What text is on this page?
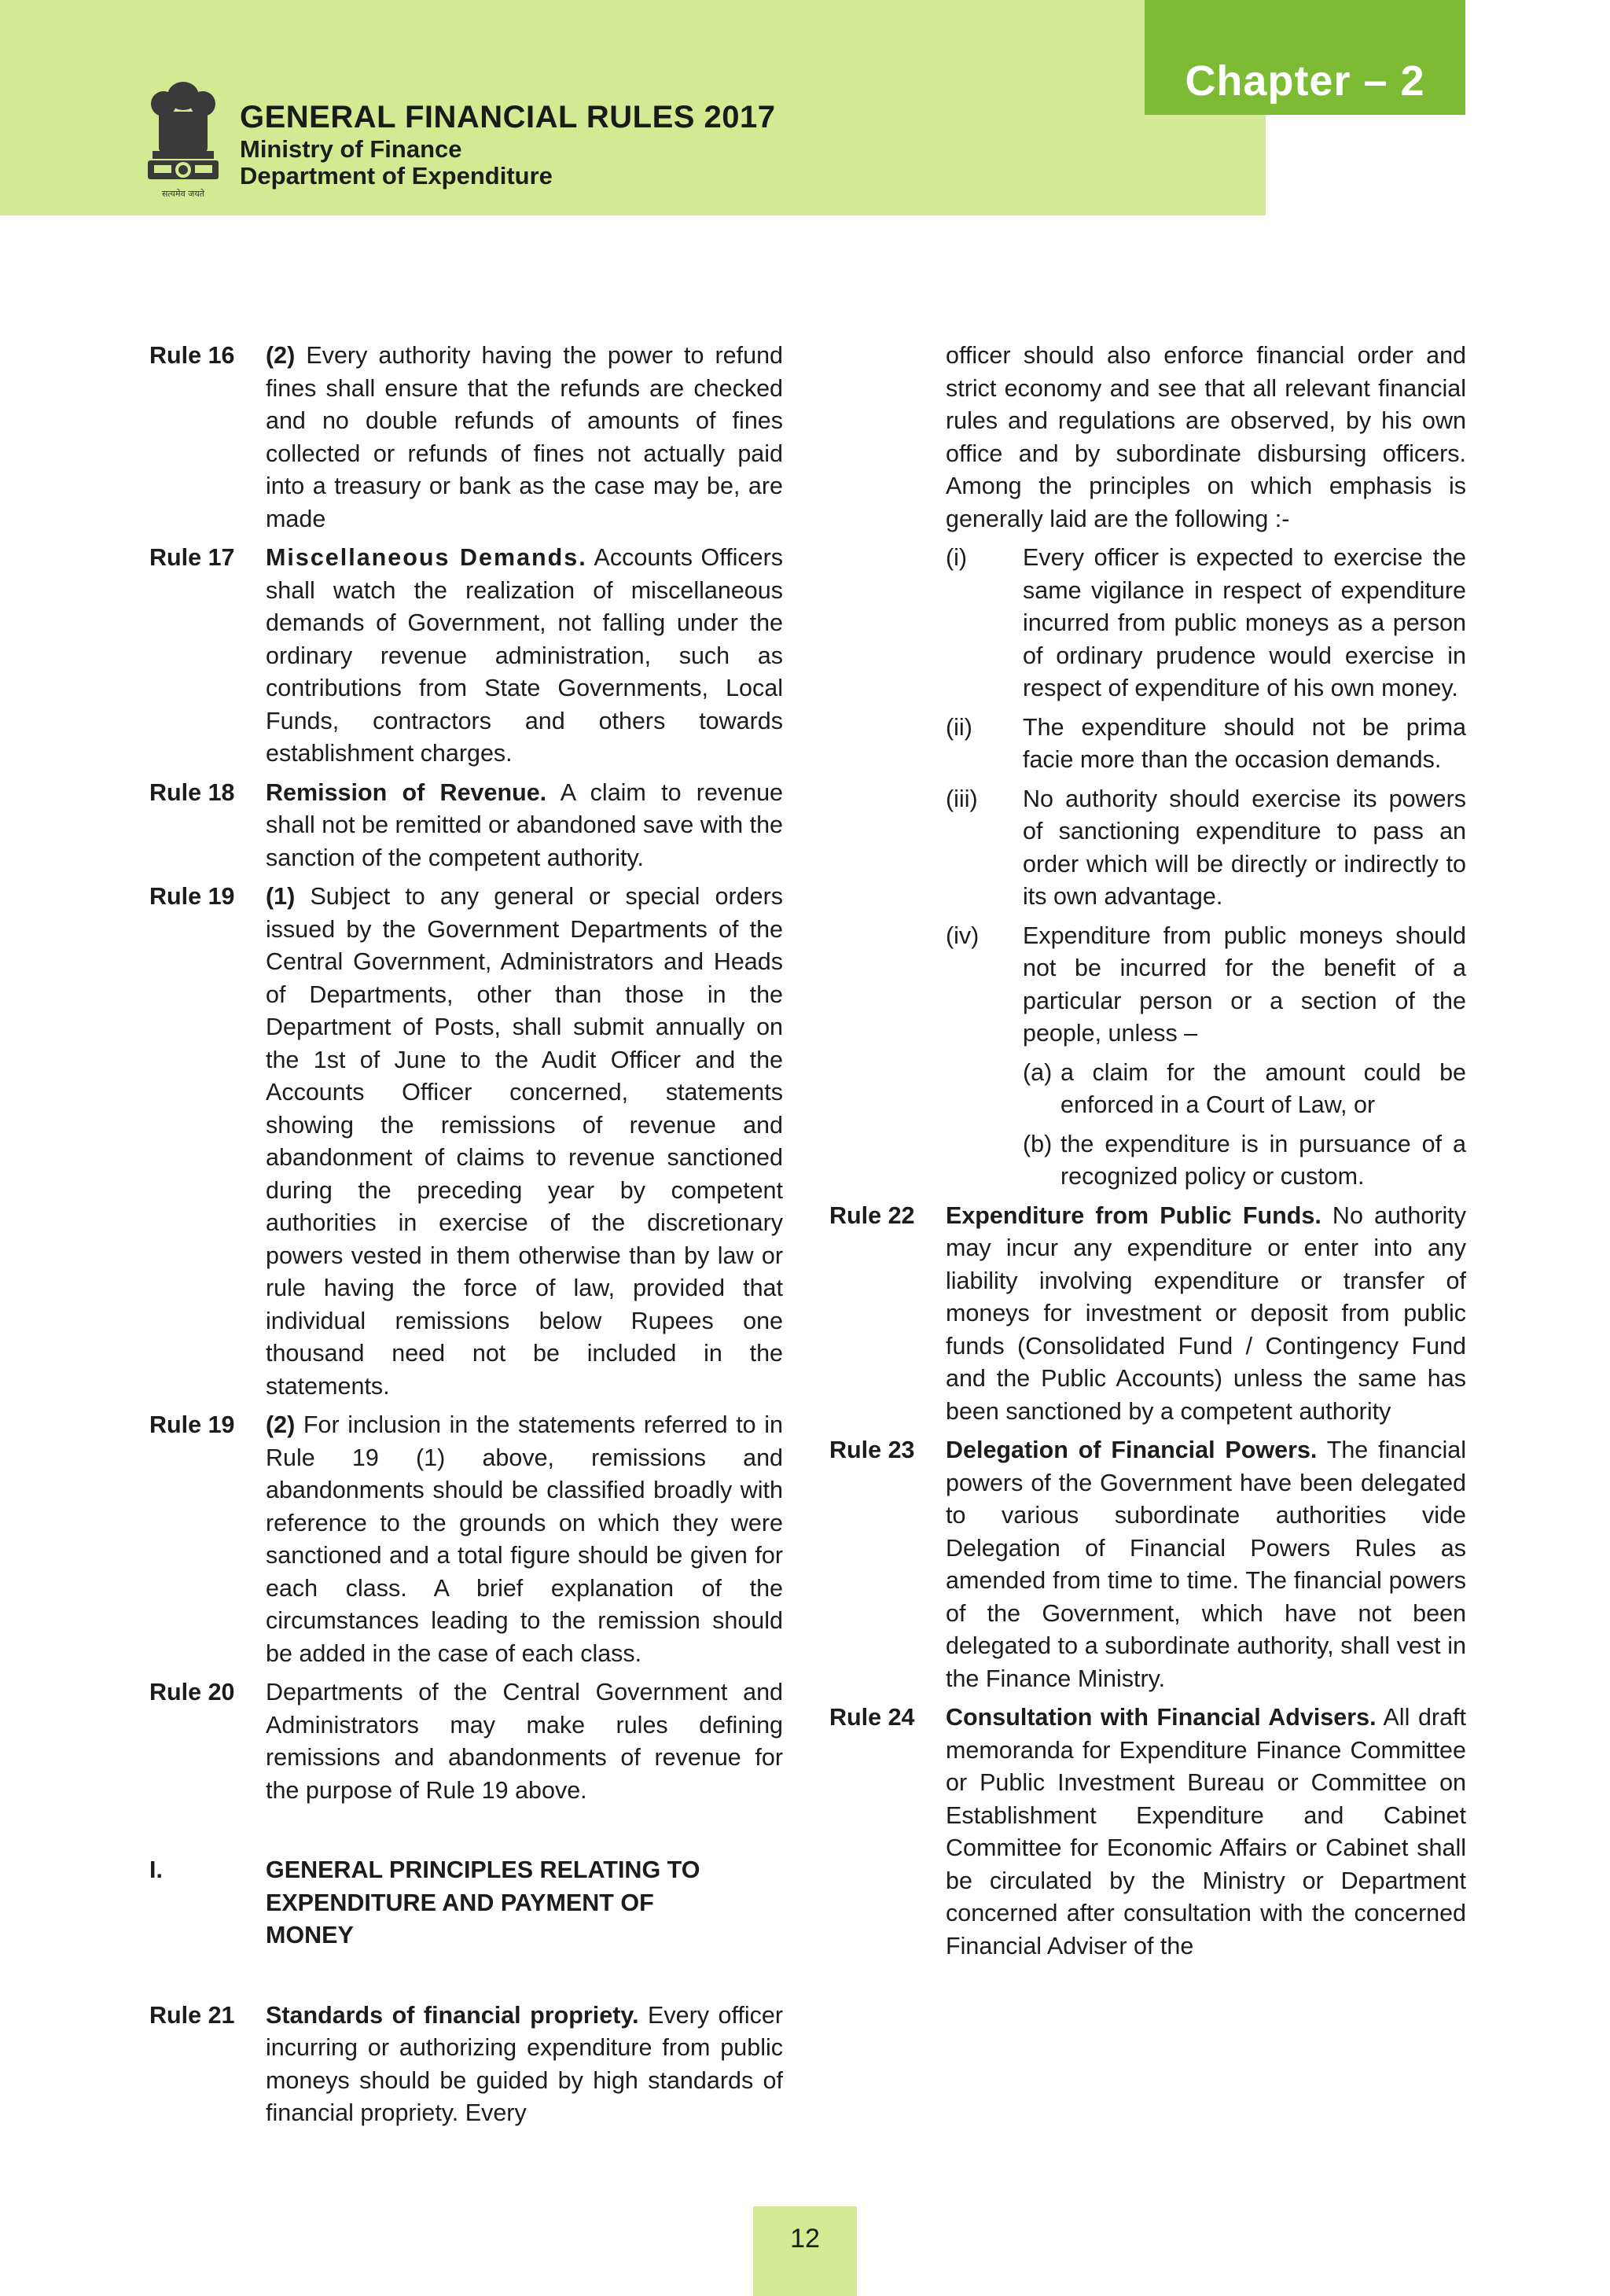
Chapter – 2
सत्यमेव जयते
GENERAL FINANCIAL RULES 2017
Ministry of Finance
Department of Expenditure
Rule 16	(2) Every authority having the power to refund fines shall ensure that the refunds are checked and no double refunds of amounts of fines collected or refunds of fines not actually paid into a treasury or bank as the case may be, are made
Rule 17	Miscellaneous Demands. Accounts Officers shall watch the realization of miscellaneous demands of Government, not falling under the ordinary revenue administration, such as contributions from State Governments, Local Funds, contractors and others towards establishment charges.
Rule 18	Remission of Revenue. A claim to revenue shall not be remitted or abandoned save with the sanction of the competent authority.
Rule 19	(1) Subject to any general or special orders issued by the Government Departments of the Central Government, Administrators and Heads of Departments, other than those in the Department of Posts, shall submit annually on the 1st of June to the Audit Officer and the Accounts Officer concerned, statements showing the remissions of revenue and abandonment of claims to revenue sanctioned during the preceding year by competent authorities in exercise of the discretionary powers vested in them otherwise than by law or rule having the force of law, provided that individual remissions below Rupees one thousand need not be included in the statements.
Rule 19	(2) For inclusion in the statements referred to in Rule 19 (1) above, remissions and abandonments should be classified broadly with reference to the grounds on which they were sanctioned and a total figure should be given for each class. A brief explanation of the circumstances leading to the remission should be added in the case of each class.
Rule 20	Departments of the Central Government and Administrators may make rules defining remissions and abandonments of revenue for the purpose of Rule 19 above.
I.	GENERAL PRINCIPLES RELATING TO EXPENDITURE AND PAYMENT OF MONEY
Rule 21	Standards of financial propriety. Every officer incurring or authorizing expenditure from public moneys should be guided by high standards of financial propriety. Every
officer should also enforce financial order and strict economy and see that all relevant financial rules and regulations are observed, by his own office and by subordinate disbursing officers. Among the principles on which emphasis is generally laid are the following :-
(i)	Every officer is expected to exercise the same vigilance in respect of expenditure incurred from public moneys as a person of ordinary prudence would exercise in respect of expenditure of his own money.
(ii)	The expenditure should not be prima facie more than the occasion demands.
(iii)	No authority should exercise its powers of sanctioning expenditure to pass an order which will be directly or indirectly to its own advantage.
(iv)	Expenditure from public moneys should not be incurred for the benefit of a particular person or a section of the people, unless –
(a) a claim for the amount could be enforced in a Court of Law, or
(b) the expenditure is in pursuance of a recognized policy or custom.
Rule 22	Expenditure from Public Funds. No authority may incur any expenditure or enter into any liability involving expenditure or transfer of moneys for investment or deposit from public funds (Consolidated Fund / Contingency Fund and the Public Accounts) unless the same has been sanctioned by a competent authority
Rule 23	Delegation of Financial Powers. The financial powers of the Government have been delegated to various subordinate authorities vide Delegation of Financial Powers Rules as amended from time to time. The financial powers of the Government, which have not been delegated to a subordinate authority, shall vest in the Finance Ministry.
Rule 24	Consultation with Financial Advisers. All draft memoranda for Expenditure Finance Committee or Public Investment Bureau or Committee on Establishment Expenditure and Cabinet Committee for Economic Affairs or Cabinet shall be circulated by the Ministry or Department concerned after consultation with the concerned Financial Adviser of the
12
